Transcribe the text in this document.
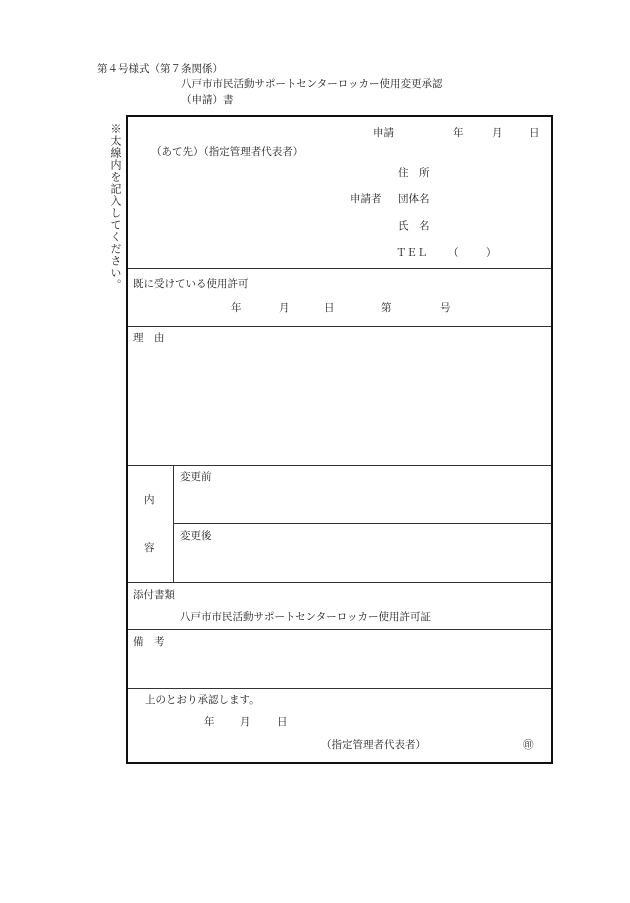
第４号様式（第７条関係）
八戸市市民活動サポートセンターロッカー使用変更承認
（申請）書
※太線内を記入してください。	申請	年	月	日
（あて先）（指定管理者代表者）
住　所
申請者 団体名
氏　名
ＴＥＬ （	）
既に受けている使用許可
年	月	日	第	号
理　由
内
容
変更前
変更後
添付書類
八戸市市民活動サポートセンターロッカー使用許可証
備　考
上のとおり承認します。
年 月	日
（指定管理者代表者）	㊞
